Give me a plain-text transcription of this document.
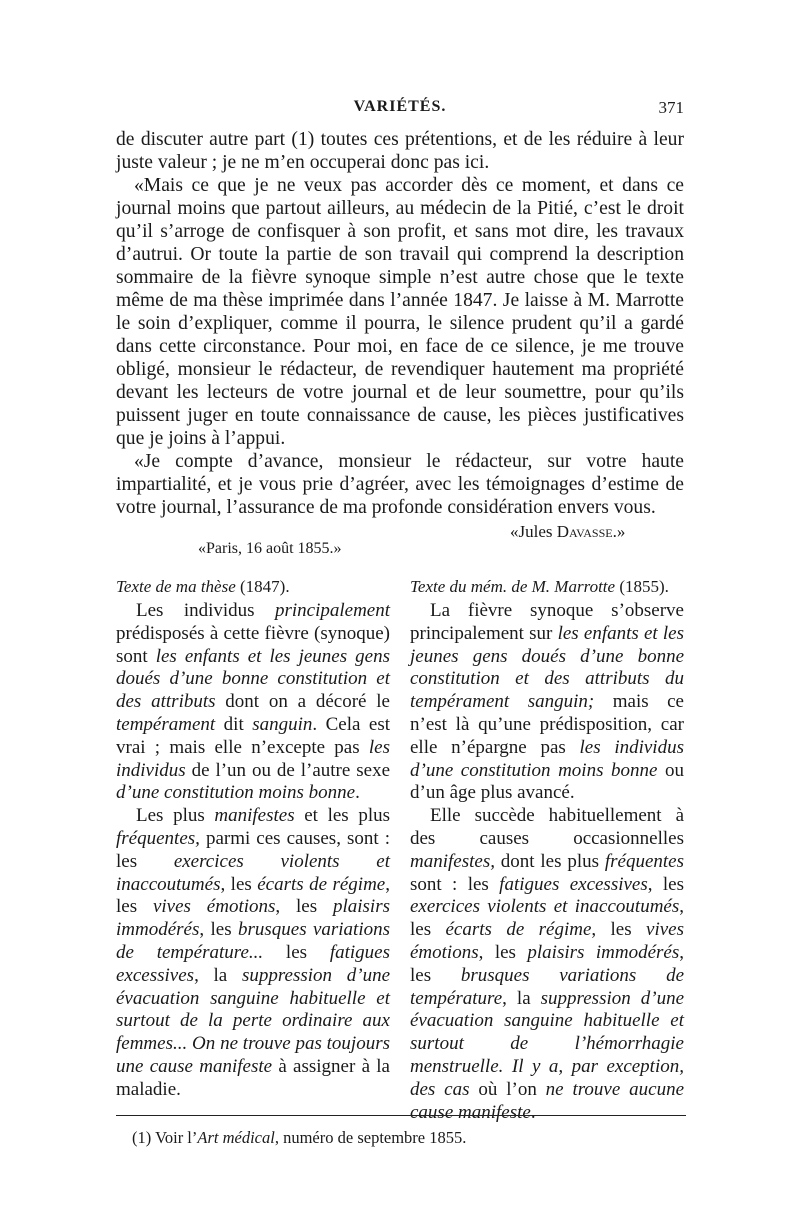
VARIÉTÉS.	371

de discuter autre part (1) toutes ces prétentions, et de les réduire à leur juste valeur ; je ne m’en occuperai donc pas ici.

«Mais ce que je ne veux pas accorder dès ce moment, et dans ce journal moins que partout ailleurs, au médecin de la Pitié, c’est le droit qu’il s’arroge de confisquer à son profit, et sans mot dire, les travaux d’autrui. Or toute la partie de son travail qui comprend la description sommaire de la fièvre synoque simple n’est autre chose que le texte même de ma thèse imprimée dans l’année 1847. Je laisse à M. Marrotte le soin d’expliquer, comme il pourra, le silence prudent qu’il a gardé dans cette circonstance. Pour moi, en face de ce silence, je me trouve obligé, monsieur le rédacteur, de revendiquer hautement ma propriété devant les lecteurs de votre journal et de leur soumettre, pour qu’ils puissent juger en toute connaissance de cause, les pièces justificatives que je joins à l’appui.

«Je compte d’avance, monsieur le rédacteur, sur votre haute impartialité, et je vous prie d’agréer, avec les témoignages d’estime de votre journal, l’assurance de ma profonde considération envers vous.

«Jules Davasse.»
«Paris, 16 août 1855.»
Texte de ma thèse (1847).	Texte du mém. de M. Marrotte (1855).

Les individus principalement prédisposés à cette fièvre (synoque) sont les enfants et les jeunes gens doués d’une bonne constitution et des attributs dont on a décoré le tempérament dit sanguin. Cela est vrai ; mais elle n’excepte pas les individus de l’un ou de l’autre sexe d’une constitution moins bonne.

Les plus manifestes et les plus fréquentes, parmi ces causes, sont : les exercices violents et inaccoutumés, les écarts de régime, les vives émotions, les plaisirs immodérés, les brusques variations de température... les fatigues excessives, la suppression d’une évacuation sanguine habituelle et surtout de la perte ordinaire aux femmes... On ne trouve pas toujours une cause manifeste à assigner à la maladie.

La fièvre synoque s’observe principalement sur les enfants et les jeunes gens doués d’une bonne constitution et des attributs du tempérament sanguin; mais ce n’est là qu’une prédisposition, car elle n’épargne pas les individus d’une constitution moins bonne ou d’un âge plus avancé.

Elle succède habituellement à des causes occasionnelles manifestes, dont les plus fréquentes sont : les fatigues excessives, les exercices violents et inaccoutumés, les écarts de régime, les vives émotions, les plaisirs immodérés, les brusques variations de température, la suppression d’une évacuation sanguine habituelle et surtout de l’hémorrhagie menstruelle. Il y a, par exception, des cas où l’on ne trouve aucune cause manifeste.

(1) Voir l’Art médical, numéro de septembre 1855.
